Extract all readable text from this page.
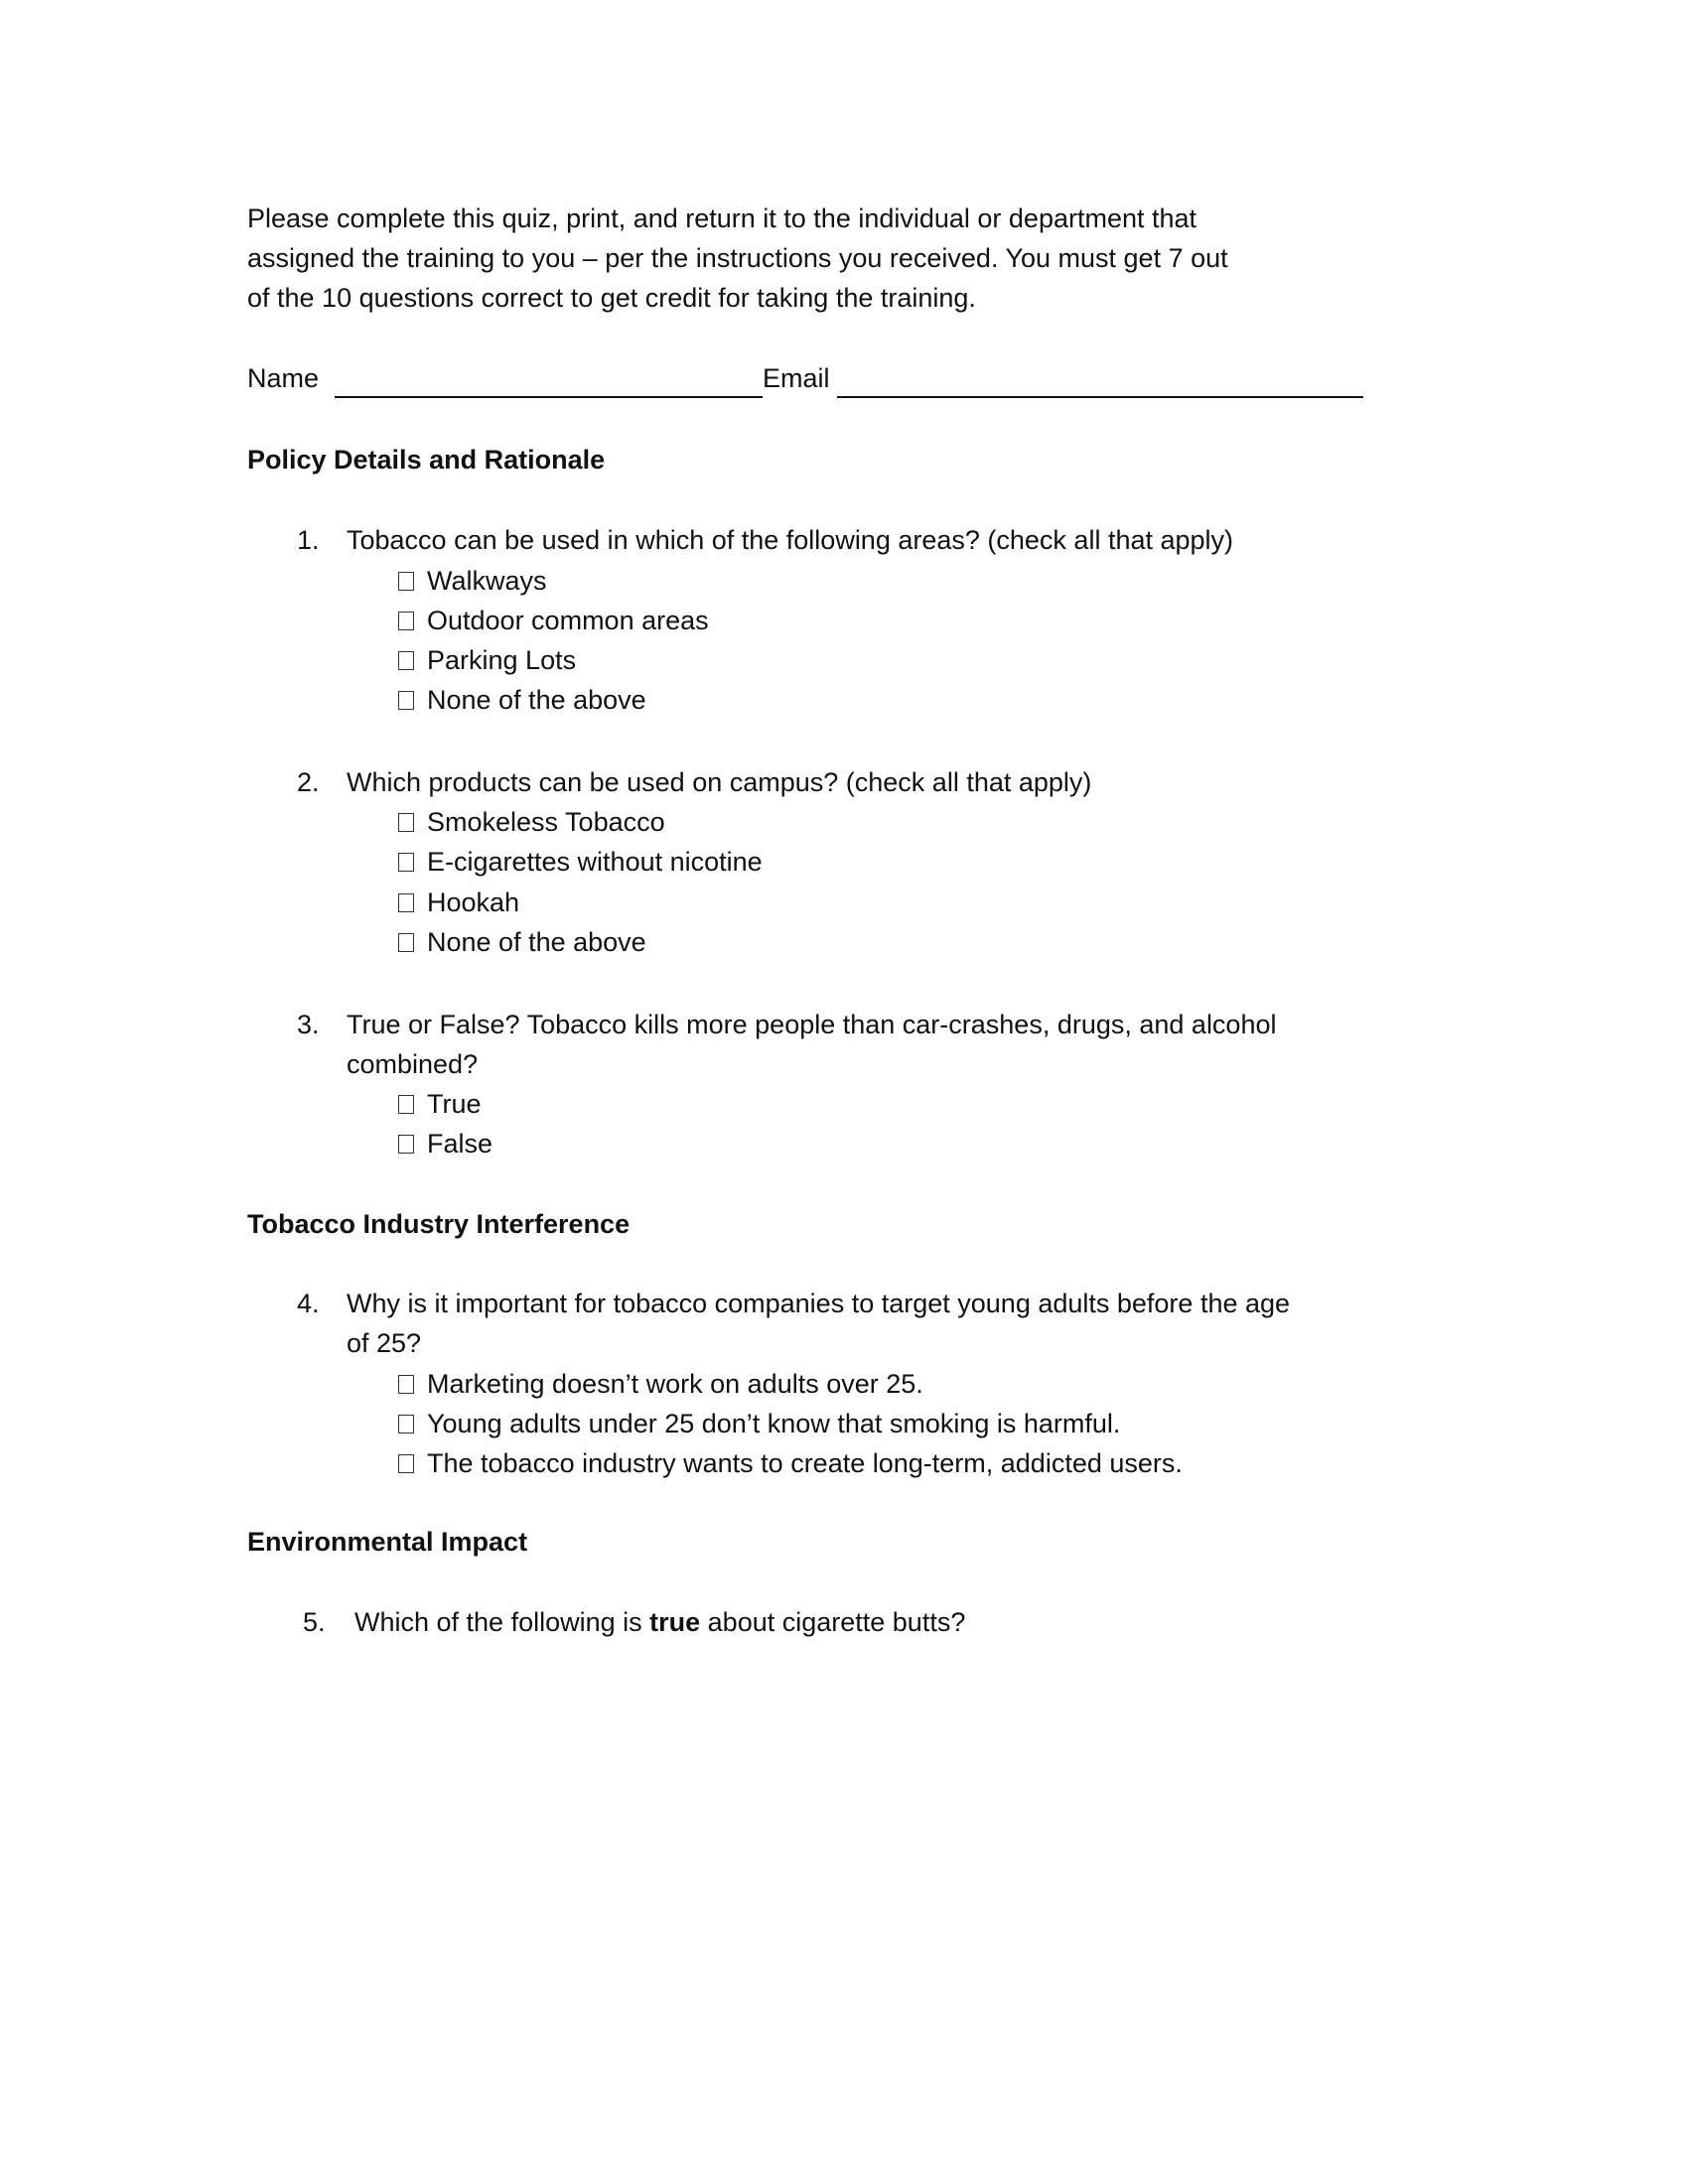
Please complete this quiz, print, and return it to the individual or department that
assigned the training to you – per the instructions you received. You must get 7 out
of the 10 questions correct to get credit for taking the training.
Name	Email
Policy Details and Rationale
1. Tobacco can be used in which of the following areas? (check all that apply)
Walkways
Outdoor common areas
Parking Lots
None of the above
2. Which products can be used on campus? (check all that apply)
Smokeless Tobacco
E-cigarettes without nicotine
Hookah
None of the above
3. True or False? Tobacco kills more people than car-crashes, drugs, and alcohol
combined?
True
False
Tobacco Industry Interference
4. Why is it important for tobacco companies to target young adults before the age
of 25?
Marketing doesn’t work on adults over 25.
Young adults under 25 don’t know that smoking is harmful.
The tobacco industry wants to create long-term, addicted users.
Environmental Impact
5. Which of the following is true about cigarette butts?
